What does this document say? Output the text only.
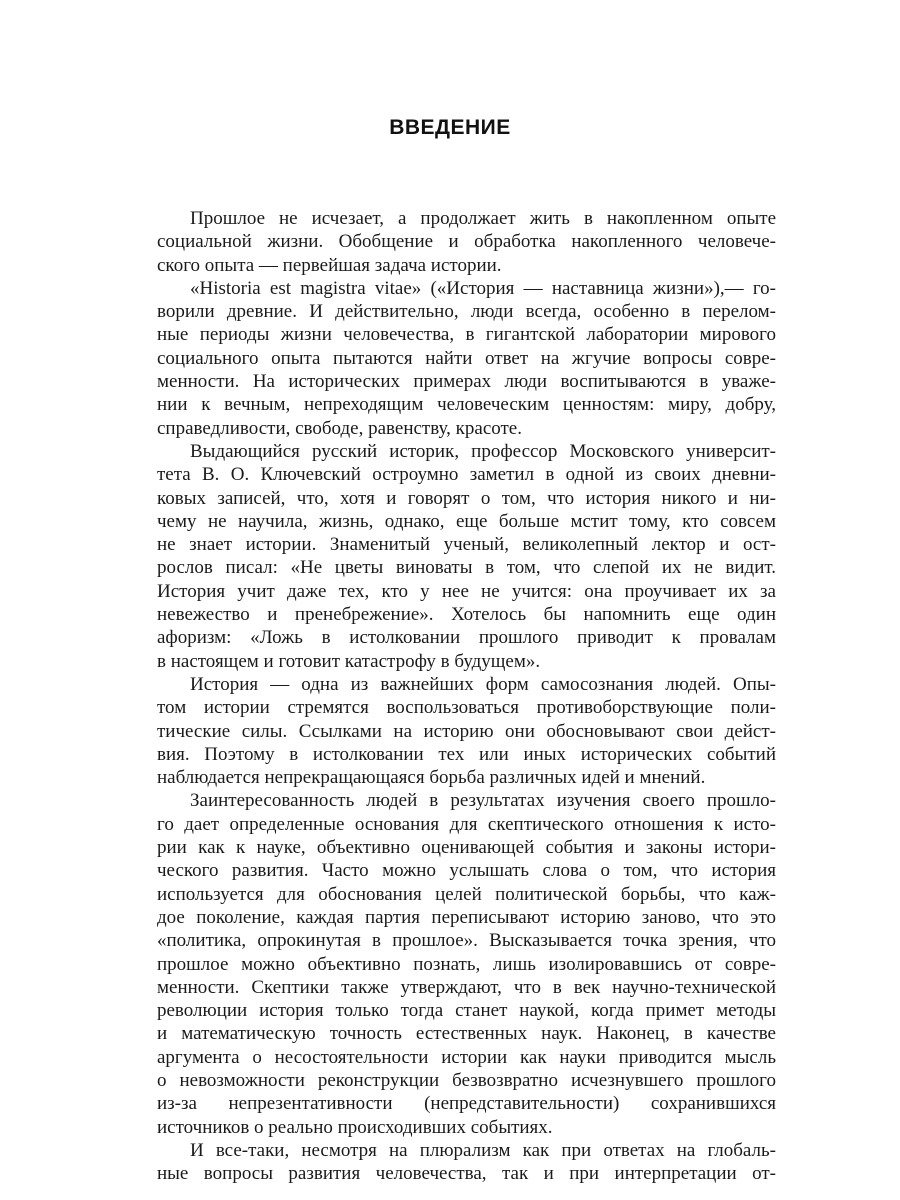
ВВЕДЕНИЕ
Прошлое не исчезает, а продолжает жить в накопленном опыте
социальной жизни. Обобщение и обработка накопленного человече-
ского опыта — первейшая задача истории.
«Historia est magistra vitae» («История — наставница жизни»),— го-
ворили древние. И действительно, люди всегда, особенно в перелом-
ные периоды жизни человечества, в гигантской лаборатории мирового
социального опыта пытаются найти ответ на жгучие вопросы совре-
менности. На исторических примерах люди воспитываются в уваже-
нии к вечным, непреходящим человеческим ценностям: миру, добру,
справедливости, свободе, равенству, красоте.
Выдающийся русский историк, профессор Московского университ-
тета В. О. Ключевский остроумно заметил в одной из своих дневни-
ковых записей, что, хотя и говорят о том, что история никого и ни-
чему не научила, жизнь, однако, еще больше мстит тому, кто совсем
не знает истории. Знаменитый ученый, великолепный лектор и ост-
рослов писал: «Не цветы виноваты в том, что слепой их не видит.
История учит даже тех, кто у нее не учится: она проучивает их за
невежество и пренебрежение». Хотелось бы напомнить еще один
афоризм: «Ложь в истолковании прошлого приводит к провалам
в настоящем и готовит катастрофу в будущем».
История — одна из важнейших форм самосознания людей. Опы-
том истории стремятся воспользоваться противоборствующие поли-
тические силы. Ссылками на историю они обосновывают свои дейст-
вия. Поэтому в истолковании тех или иных исторических событий
наблюдается непрекращающаяся борьба различных идей и мнений.
Заинтересованность людей в результатах изучения своего прошло-
го дает определенные основания для скептического отношения к исто-
рии как к науке, объективно оценивающей события и законы истори-
ческого развития. Часто можно услышать слова о том, что история
используется для обоснования целей политической борьбы, что каж-
дое поколение, каждая партия переписывают историю заново, что это
«политика, опрокинутая в прошлое». Высказывается точка зрения, что
прошлое можно объективно познать, лишь изолировавшись от совре-
менности. Скептики также утверждают, что в век научно-технической
революции история только тогда станет наукой, когда примет методы
и математическую точность естественных наук. Наконец, в качестве
аргумента о несостоятельности истории как науки приводится мысль
о невозможности реконструкции безвозвратно исчезнувшего прошлого
из-за непрезентативности (непредставительности) сохранившихся
источников о реально происходивших событиях.
И все-таки, несмотря на плюрализм как при ответах на глобаль-
ные вопросы развития человечества, так и при интерпретации от-
